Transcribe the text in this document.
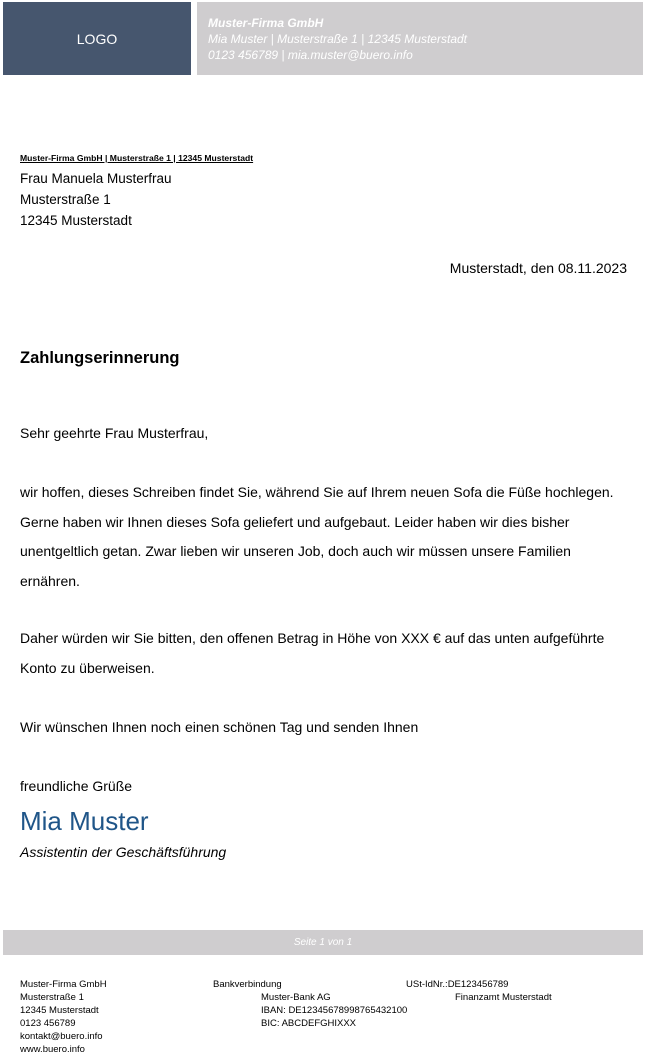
LOGO
Muster-Firma GmbH
Mia Muster | Musterstraße 1 | 12345 Musterstadt
0123 456789 | mia.muster@buero.info
Muster-Firma GmbH | Musterstraße 1 | 12345 Musterstadt
Frau Manuela Musterfrau
Musterstraße 1
12345 Musterstadt
Musterstadt, den 08.11.2023
Zahlungserinnerung
Sehr geehrte Frau Musterfrau,
wir hoffen, dieses Schreiben findet Sie, während Sie auf Ihrem neuen Sofa die Füße hochlegen. Gerne haben wir Ihnen dieses Sofa geliefert und aufgebaut. Leider haben wir dies bisher unentgeltlich getan. Zwar lieben wir unseren Job, doch auch wir müssen unsere Familien ernähren.
Daher würden wir Sie bitten, den offenen Betrag in Höhe von XXX € auf das unten aufgeführte Konto zu überweisen.
Wir wünschen Ihnen noch einen schönen Tag und senden Ihnen
freundliche Grüße
Mia Muster
Assistentin der Geschäftsführung
Seite 1 von 1
Muster-Firma GmbH
Musterstraße 1
12345 Musterstadt
0123 456789
kontakt@buero.info
www.buero.info
Bankverbindung
Muster-Bank AG
IBAN: DE12345678998765432100
BIC: ABCDEFGHIXXX
USt-IdNr.:DE123456789
Finanzamt Musterstadt
